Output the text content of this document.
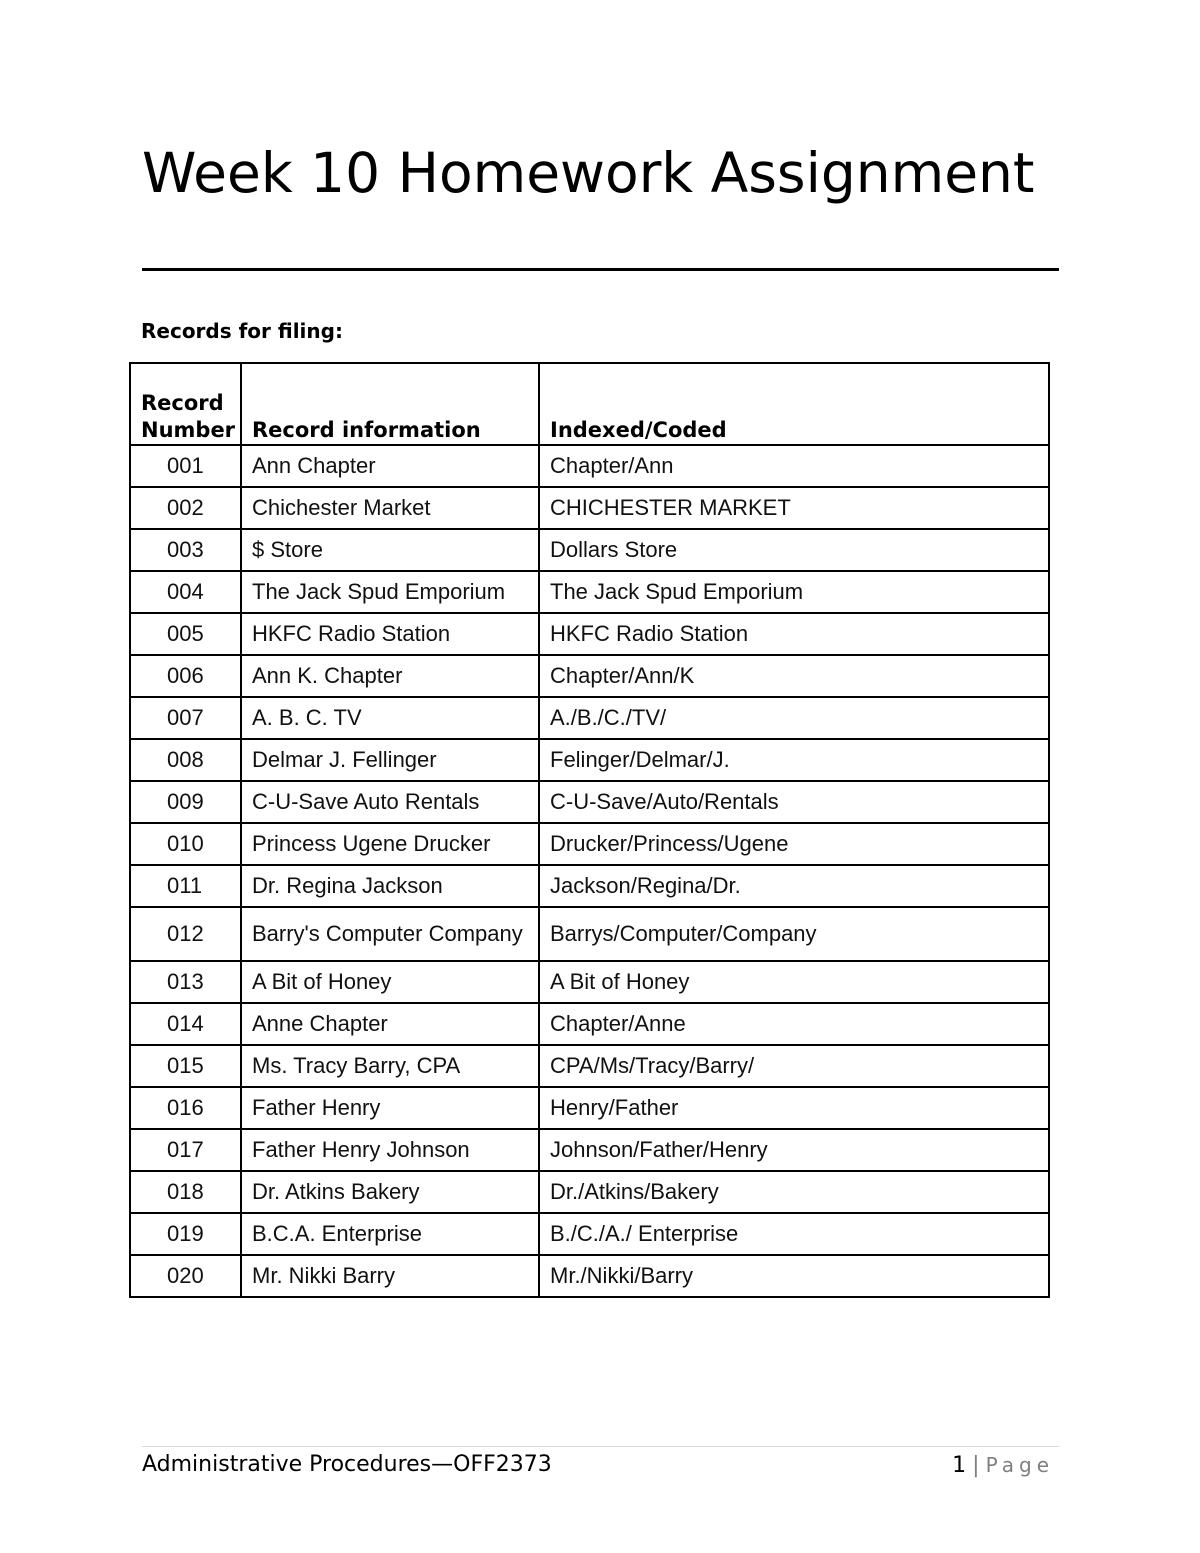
Week 10 Homework Assignment

Records for filing:

Record Number	Record information	Indexed/Coded
001	Ann Chapter	Chapter/Ann
002	Chichester Market	CHICHESTER MARKET
003	$ Store	Dollars Store
004	The Jack Spud Emporium	The Jack Spud Emporium
005	HKFC Radio Station	HKFC Radio Station
006	Ann K. Chapter	Chapter/Ann/K
007	A. B. C. TV	A./B./C./TV/
008	Delmar J. Fellinger	Felinger/Delmar/J.
009	C-U-Save Auto Rentals	C-U-Save/Auto/Rentals
010	Princess Ugene Drucker	Drucker/Princess/Ugene
011	Dr. Regina Jackson	Jackson/Regina/Dr.
012	Barry's Computer Company	Barrys/Computer/Company
013	A Bit of Honey	A Bit of Honey
014	Anne Chapter	Chapter/Anne
015	Ms. Tracy Barry, CPA	CPA/Ms/Tracy/Barry/
016	Father Henry	Henry/Father
017	Father Henry Johnson	Johnson/Father/Henry
018	Dr. Atkins Bakery	Dr./Atkins/Bakery
019	B.C.A. Enterprise	B./C./A./ Enterprise
020	Mr. Nikki Barry	Mr./Nikki/Barry
Administrative Procedures—OFF2373	1 | Page
